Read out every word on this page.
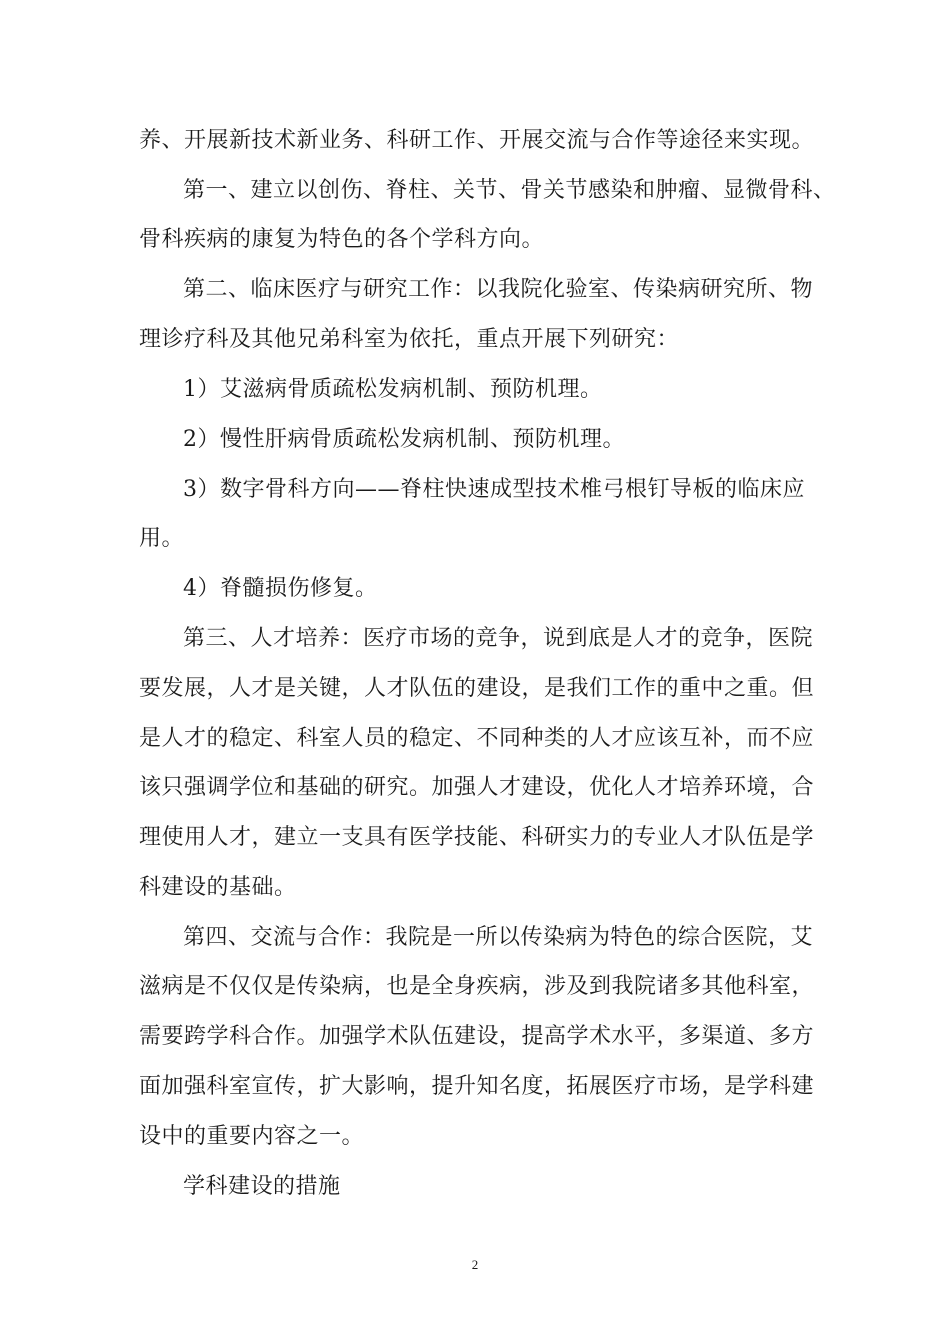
养、开展新技术新业务、科研工作、开展交流与合作等途径来实现。
第一、建立以创伤、脊柱、关节、骨关节感染和肿瘤、显微骨科、
骨科疾病的康复为特色的各个学科方向。
第二、临床医疗与研究工作：以我院化验室、传染病研究所、物
理诊疗科及其他兄弟科室为依托，重点开展下列研究：
1）艾滋病骨质疏松发病机制、预防机理。
2）慢性肝病骨质疏松发病机制、预防机理。
3）数字骨科方向——脊柱快速成型技术椎弓根钉导板的临床应
用。
4）脊髓损伤修复。
第三、人才培养：医疗市场的竞争，说到底是人才的竞争，医院
要发展，人才是关键，人才队伍的建设，是我们工作的重中之重。但
是人才的稳定、科室人员的稳定、不同种类的人才应该互补，而不应
该只强调学位和基础的研究。加强人才建设，优化人才培养环境，合
理使用人才，建立一支具有医学技能、科研实力的专业人才队伍是学
科建设的基础。
第四、交流与合作：我院是一所以传染病为特色的综合医院，艾
滋病是不仅仅是传染病，也是全身疾病，涉及到我院诸多其他科室，
需要跨学科合作。加强学术队伍建设，提高学术水平，多渠道、多方
面加强科室宣传，扩大影响，提升知名度，拓展医疗市场，是学科建
设中的重要内容之一。
学科建设的措施
2
